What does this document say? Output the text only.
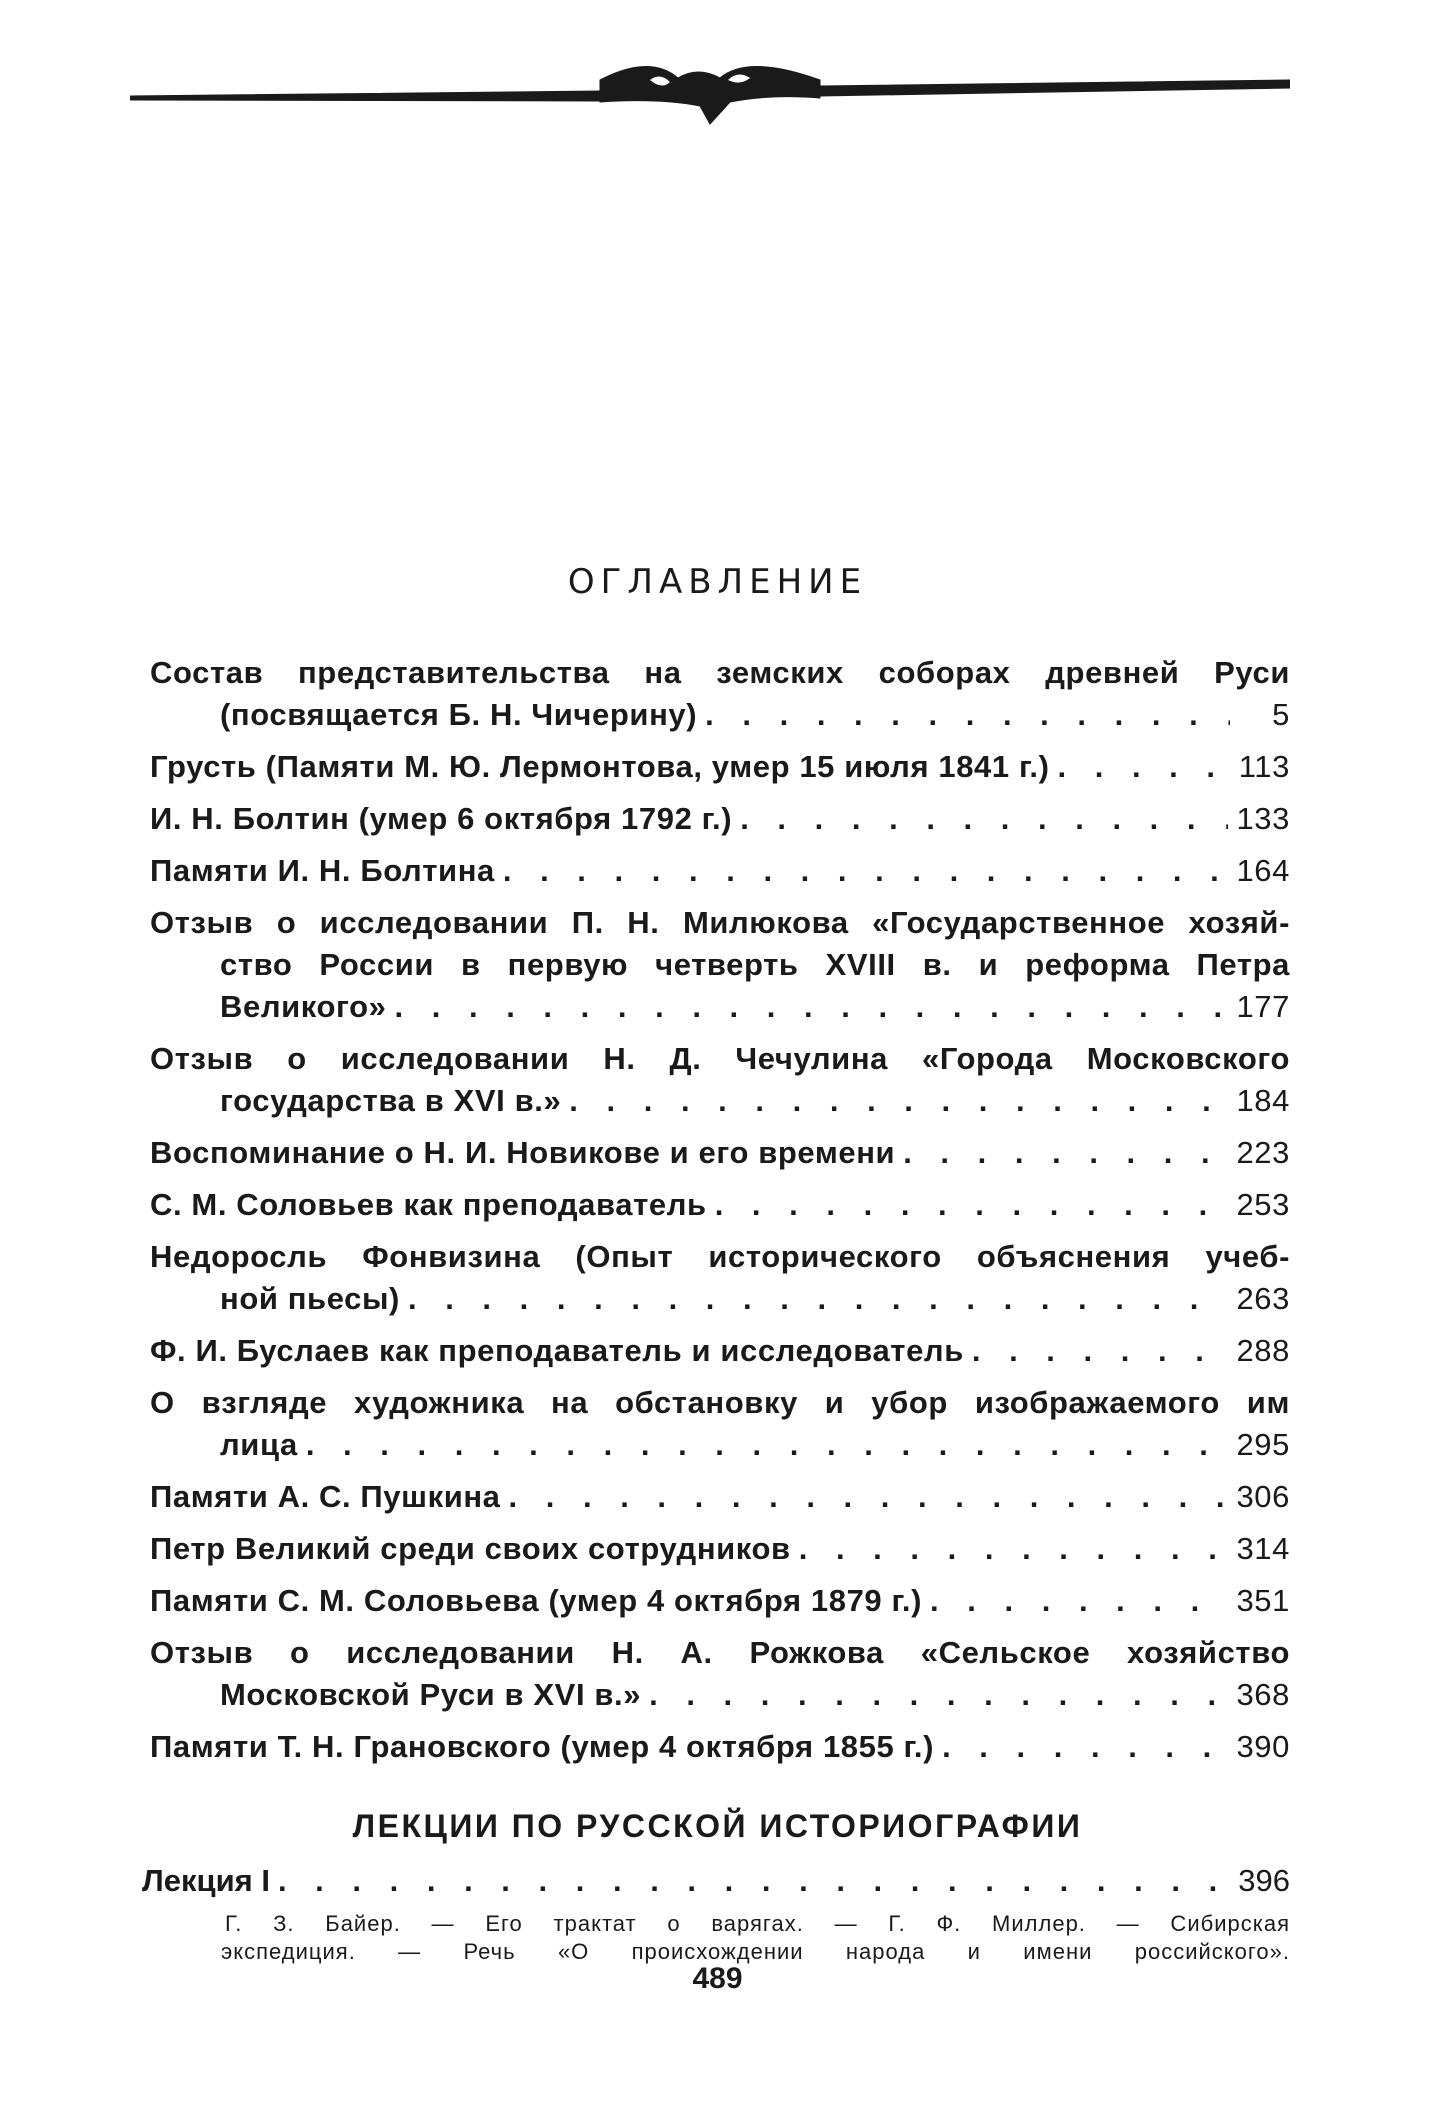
ОГЛАВЛЕНИЕ
Состав представительства на земских соборах древней Руси
(посвящается Б. Н. Чичерину) . . .	5
Грусть (Памяти М. Ю. Лермонтова, умер 15 июля 1841 г.) . . .	113
И. Н. Болтин (умер 6 октября 1792 г.) . . .	133
Памяти И. Н. Болтина . . .	164
Отзыв о исследовании П. Н. Милюкова «Государственное хозяй-
ство России в первую четверть XVIII в. и реформа Петра
Великого» . . .	177
Отзыв о исследовании Н. Д. Чечулина «Города Московского
государства в XVI в.» . . .	184
Воспоминание о Н. И. Новикове и его времени . . .	223
С. М. Соловьев как преподаватель . . .	253
Недоросль Фонвизина (Опыт исторического объяснения учеб-
ной пьесы) . . .	263
Ф. И. Буслаев как преподаватель и исследователь . . .	288
О взгляде художника на обстановку и убор изображаемого им
лица . . .	295
Памяти А. С. Пушкина . . .	306
Петр Великий среди своих сотрудников . . .	314
Памяти С. М. Соловьева (умер 4 октября 1879 г.) . . .	351
Отзыв о исследовании Н. А. Рожкова «Сельское хозяйство
Московской Руси в XVI в.» . . .	368
Памяти Т. Н. Грановского (умер 4 октября 1855 г.) . . .	390
ЛЕКЦИИ ПО РУССКОЙ ИСТОРИОГРАФИИ
Лекция I . . .	396
Г. З. Байер. — Его трактат о варягах. — Г. Ф. Миллер. — Сибирская
экспедиция. — Речь «О происхождении народа и имени российского».
489
